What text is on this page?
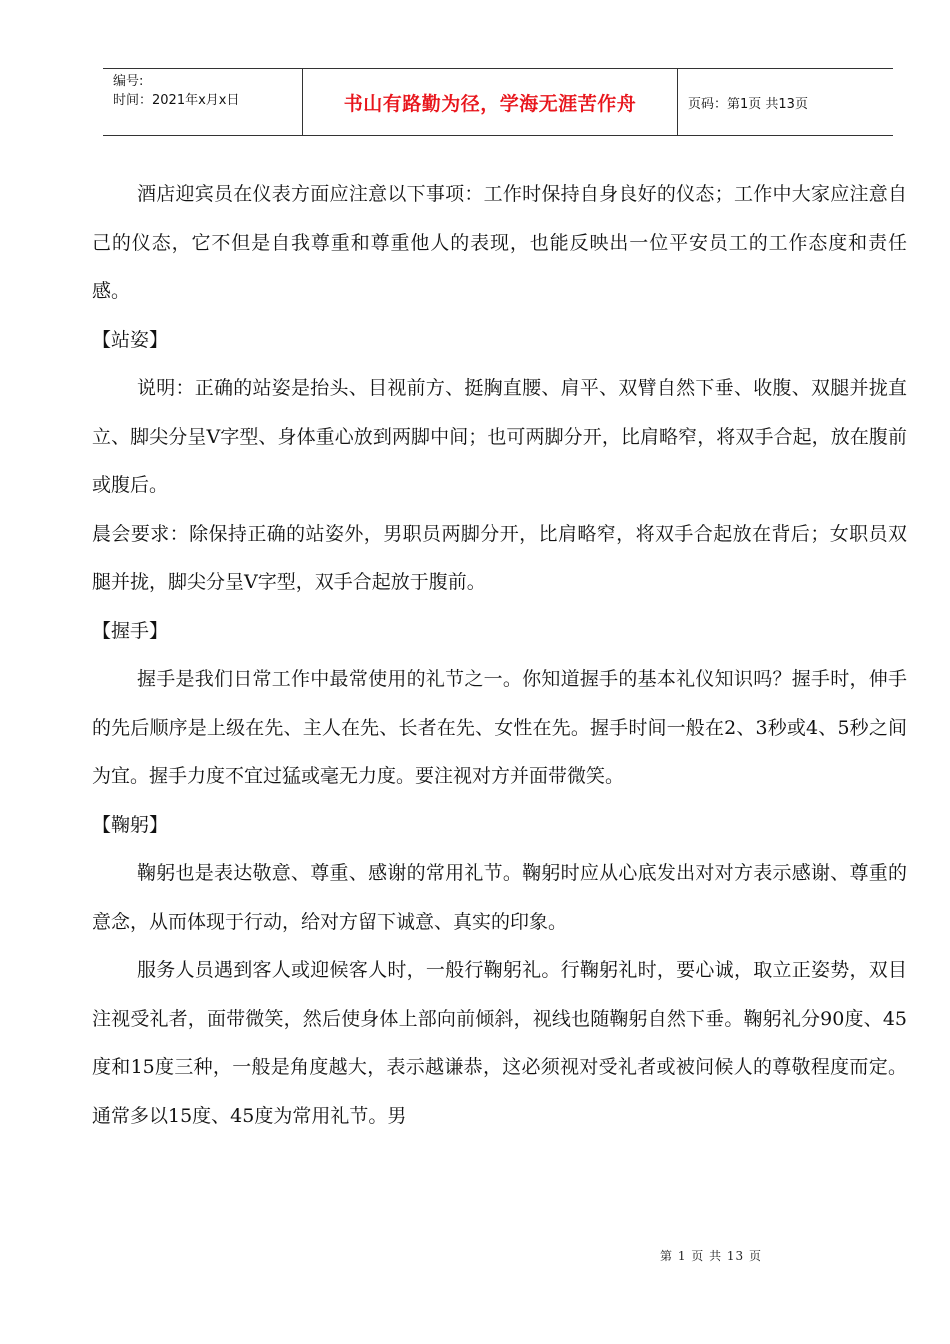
编号:
时间：2021年x月x日	书山有路勤为径，学海无涯苦作舟	页码：第1页 共13页

酒店迎宾员在仪表方面应注意以下事项：工作时保持自身良好的仪态；工作中大家应注意自己的仪态，它不但是自我尊重和尊重他人的表现，也能反映出一位平安员工的工作态度和责任感。

【站姿】

说明：正确的站姿是抬头、目视前方、挺胸直腰、肩平、双臂自然下垂、收腹、双腿并拢直立、脚尖分呈V字型、身体重心放到两脚中间；也可两脚分开，比肩略窄，将双手合起，放在腹前或腹后。

晨会要求：除保持正确的站姿外，男职员两脚分开，比肩略窄，将双手合起放在背后；女职员双腿并拢，脚尖分呈V字型，双手合起放于腹前。

【握手】

握手是我们日常工作中最常使用的礼节之一。你知道握手的基本礼仪知识吗？握手时，伸手的先后顺序是上级在先、主人在先、长者在先、女性在先。握手时间一般在2、3秒或4、5秒之间为宜。握手力度不宜过猛或毫无力度。要注视对方并面带微笑。

【鞠躬】

鞠躬也是表达敬意、尊重、感谢的常用礼节。鞠躬时应从心底发出对对方表示感谢、尊重的意念，从而体现于行动，给对方留下诚意、真实的印象。

服务人员遇到客人或迎候客人时，一般行鞠躬礼。行鞠躬礼时，要心诚，取立正姿势，双目注视受礼者，面带微笑，然后使身体上部向前倾斜，视线也随鞠躬自然下垂。鞠躬礼分90度、45度和15度三种，一般是角度越大，表示越谦恭，这必须视对受礼者或被问候人的尊敬程度而定。通常多以15度、45度为常用礼节。男

第 1 页 共 13 页
